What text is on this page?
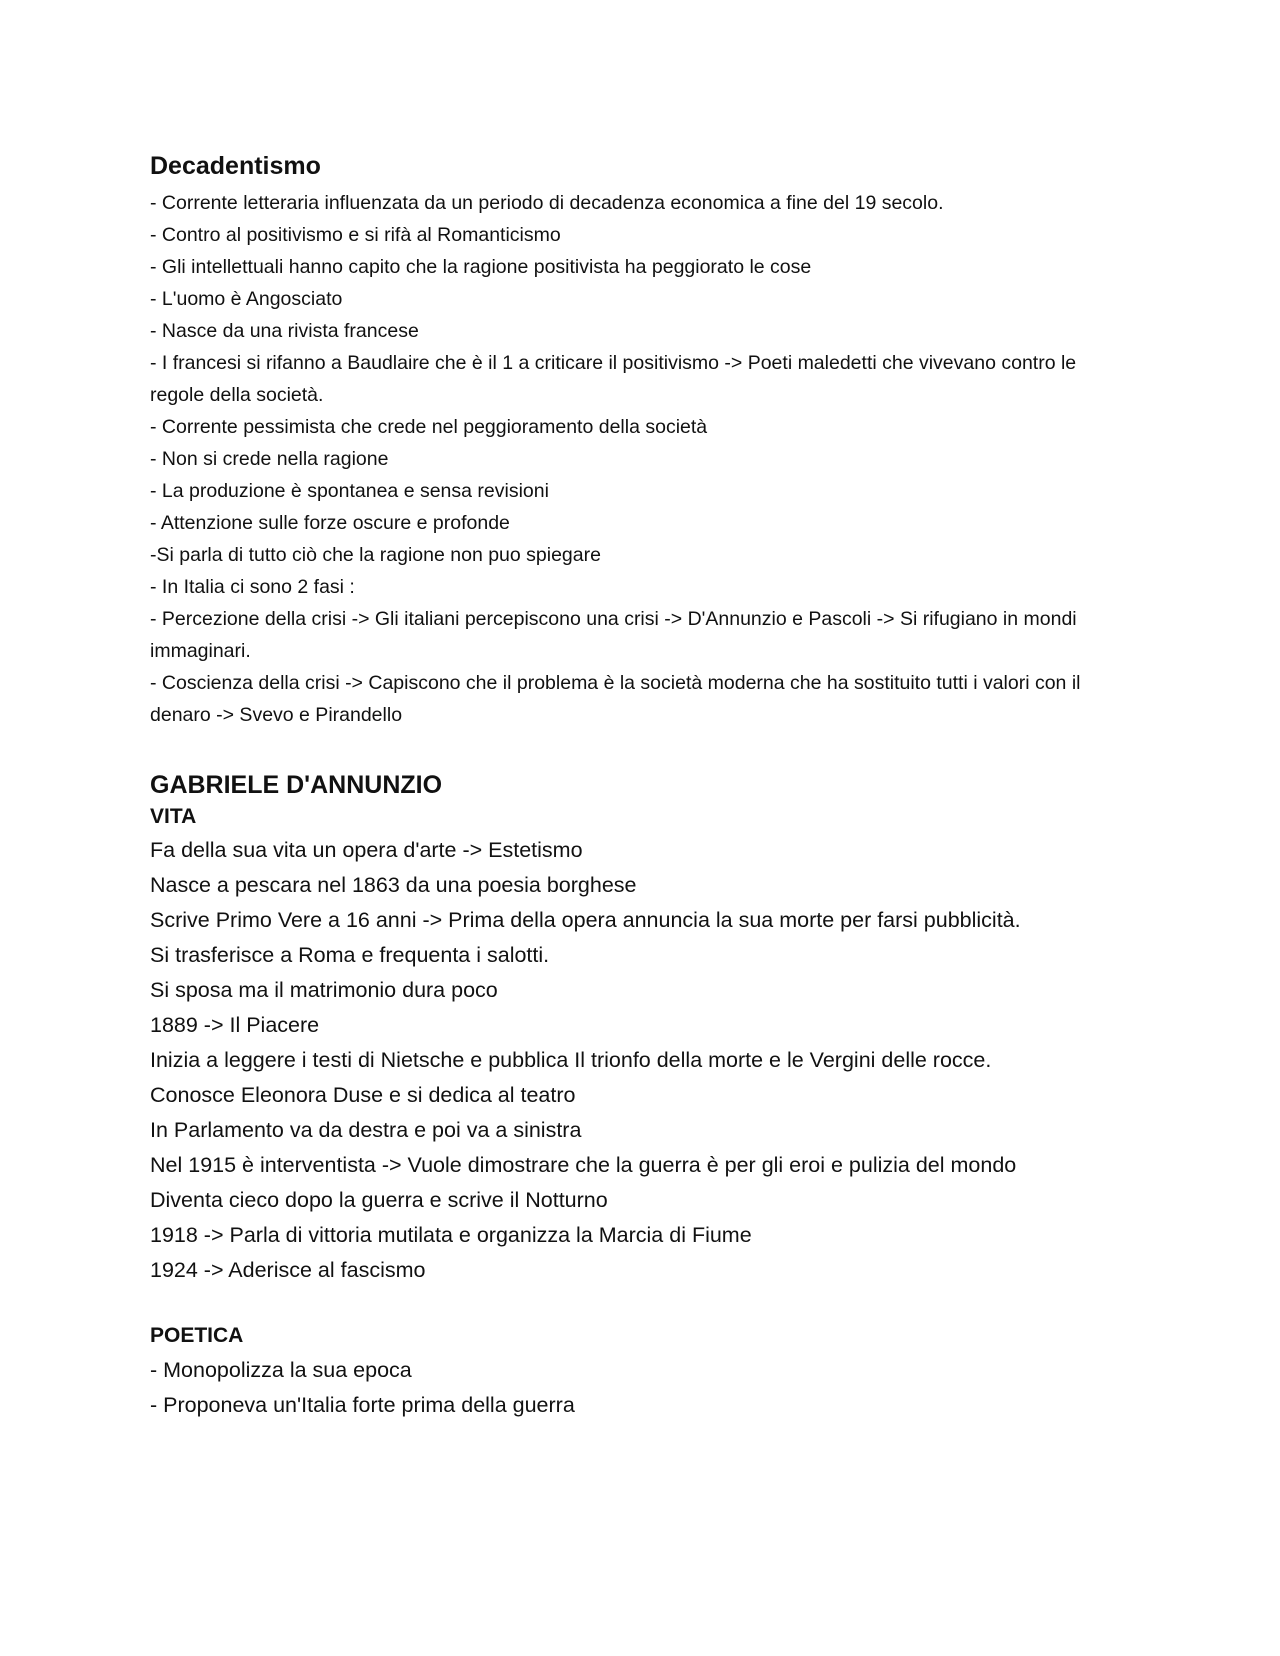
Decadentismo
- Corrente letteraria influenzata da un periodo di decadenza economica a fine del 19 secolo.
- Contro al positivismo e si rifà al Romanticismo
- Gli intellettuali hanno capito che la ragione positivista ha peggiorato le cose
- L'uomo è Angosciato
- Nasce da una rivista francese
- I francesi si rifanno a Baudlaire che è il 1 a criticare il positivismo -> Poeti maledetti che vivevano contro le regole della società.
- Corrente pessimista che crede nel peggioramento della società
- Non si crede nella ragione
- La produzione è spontanea e sensa revisioni
- Attenzione sulle forze oscure e profonde
-Si parla di tutto ciò che la ragione non puo spiegare
- In Italia ci sono 2 fasi :
- Percezione della crisi -> Gli italiani percepiscono una crisi -> D'Annunzio e Pascoli -> Si rifugiano in mondi immaginari.
- Coscienza della crisi -> Capiscono che il problema è la società moderna che ha sostituito tutti i valori con il denaro -> Svevo e Pirandello
GABRIELE D'ANNUNZIO
VITA
Fa della sua vita un opera d'arte -> Estetismo
Nasce a pescara nel 1863 da una poesia borghese
Scrive Primo Vere a 16 anni -> Prima della opera annuncia la sua morte per farsi pubblicità.
Si trasferisce a Roma e frequenta i salotti.
Si sposa ma il matrimonio dura poco
1889 -> Il Piacere
Inizia a leggere i testi di Nietsche e pubblica Il trionfo della morte e le Vergini delle rocce.
Conosce Eleonora Duse e si dedica al teatro
In Parlamento va da destra e poi va a sinistra
Nel 1915 è interventista -> Vuole dimostrare che la guerra è per gli eroi e pulizia del mondo
Diventa cieco dopo la guerra e scrive il Notturno
1918 -> Parla di vittoria mutilata e organizza la Marcia di Fiume
1924 -> Aderisce al fascismo
POETICA
- Monopolizza la sua epoca
- Proponeva un'Italia forte prima della guerra
